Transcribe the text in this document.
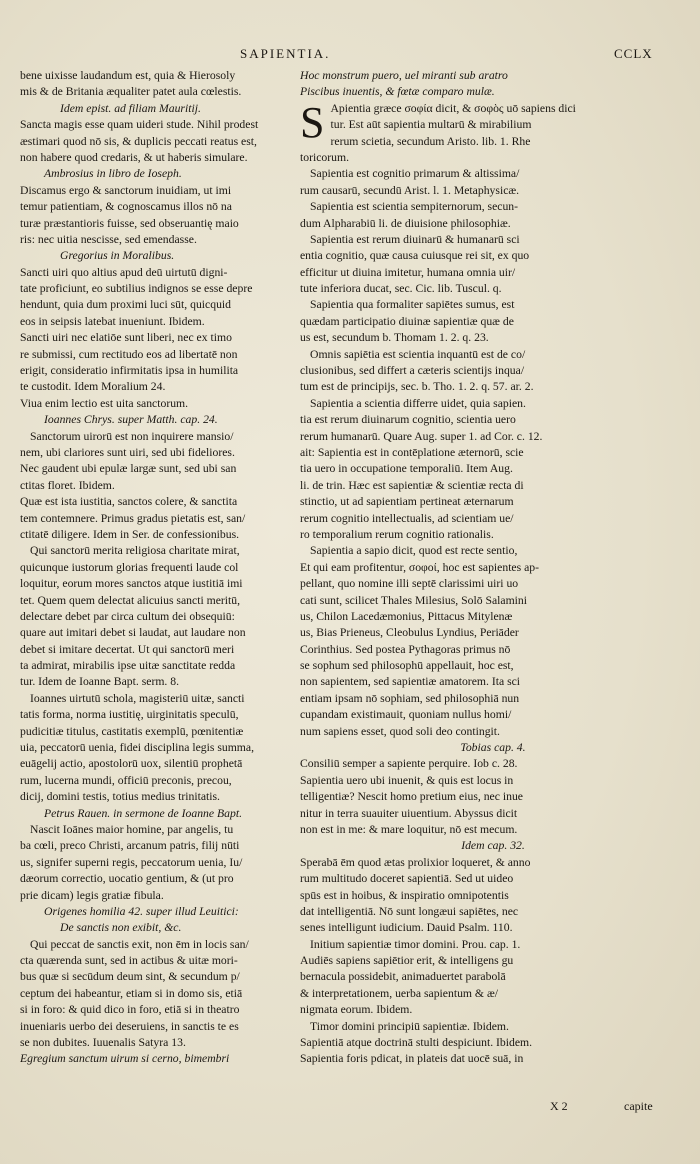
SAPIENTIA.	CCLX
bene uixisse laudandum est, quia & Hierosoly
mis & de Britania æqualiter patet aula cœlestis.
Idem epist. ad filiam Mauritij.
Sancta magis esse quam uideri stude. Nihil prodest
æstimari quod nō sis, & duplicis peccati reatus est,
non habere quod credaris, & ut haberis simulare.
Ambrosius in libro de Ioseph.
Discamus ergo & sanctorum inuidiam, ut imi
temur patientiam, & cognoscamus illos nō na
turæ præstantioris fuisse, sed obseruantię maio
ris: nec uitia nescisse, sed emendasse.
Gregorius in Moralibus.
Sancti uiri quo altius apud deū uirtutū digni-
tate proficiunt, eo subtilius indignos se esse depre
hendunt, quia dum proximi luci sūt, quicquid
eos in seipsis latebat inueniunt. Ibidem.
Sancti uiri nec elatiōe sunt liberi, nec ex timo
re submissi, cum rectitudo eos ad libertatē non
erigit, consideratio infirmitatis ipsa in humilita
te custodit. Idem Moralium 24.
Viua enim lectio est uita sanctorum.
Ioannes Chrys. super Matth. cap. 24.
Sanctorum uirorū est non inquirere mansio/
nem, ubi clariores sunt uiri, sed ubi fideliores.
Nec gaudent ubi epulæ largæ sunt, sed ubi san
ctitas floret. Ibidem.
Quæ est ista iustitia, sanctos colere, & sanctita
tem contemnere. Primus gradus pietatis est, san/
ctitatē diligere. Idem in Ser. de confessionibus.
Qui sanctorū merita religiosa charitate mirat,
quicunque iustorum glorias frequenti laude col
loquitur, eorum mores sanctos atque iustitiā imi
tet. Quem quem delectat alicuius sancti meritū,
delectare debet par circa cultum dei obsequiū:
quare aut imitari debet si laudat, aut laudare non
debet si imitare decertat. Ut qui sanctorū meri
ta admirat, mirabilis ipse uitæ sanctitate redda
tur. Idem de Ioanne Bapt. serm. 8.
Ioannes uirtutū schola, magisteriū uitæ, sancti
tatis forma, norma iustitię, uirginitatis speculū,
pudicitiæ titulus, castitatis exemplū, pœnitentiæ
uia, peccatorū uenia, fidei disciplina legis summa,
euāgelij actio, apostolorū uox, silentiū prophetā
rum, lucerna mundi, officiū preconis, precou,
dicij, domini testis, totius medius trinitatis.
Petrus Rauen. in sermone de Ioanne Bapt.
Nascit Ioānes maior homine, par angelis, tu
ba cœli, preco Christi, arcanum patris, filij nūti
us, signifer superni regis, peccatorum uenia, Iu/
dæorum correctio, uocatio gentium, & (ut pro
prie dicam) legis gratiæ fibula.
Origenes homilia 42. super illud Leuitici:
De sanctis non exibit, &c.
Qui peccat de sanctis exit, non ēm in locis san/
cta quærenda sunt, sed in actibus & uitæ mori-
bus quæ si secūdum deum sint, & secundum p/
ceptum dei habeantur, etiam si in domo sis, etiā
si in foro: & quid dico in foro, etiā si in theatro
inueniaris uerbo dei deseruiens, in sanctis te es
se non dubites. Iuuenalis Satyra 13.
Egregium sanctum uirum si cerno, bimembri
Hoc monstrum puero, uel miranti sub aratro
Piscibus inuentis, & fœtæ comparo mulæ.
S Apientia græce σοφία dicit, & σοφὸς uō sapiens dici
tur. Est aūt sapientia multarū & mirabilium
rerum scietia, secundum Aristo. lib. 1. Rhe
toricorum.
Sapientia est cognitio primarum & altissima/
rum causarū, secundū Arist. l. 1. Metaphysicæ.
Sapientia est scientia sempiternorum, secun-
dum Alpharabiū li. de diuisione philosophiæ.
Sapientia est rerum diuinarū & humanarū sci
entia cognitio, quæ causa cuiusque rei sit, ex quo
efficitur ut diuina imitetur, humana omnia uir/
tute inferiora ducat, sec. Cic. lib. Tuscul. q.
Sapientia qua formaliter sapiētes sumus, est
quædam participatio diuinæ sapientiæ quæ de
us est, secundum b. Thomam 1. 2. q. 23.
Omnis sapiētia est scientia inquantū est de co/
clusionibus, sed differt a cæteris scientijs inqua/
tum est de principijs, sec. b. Tho. 1. 2. q. 57. ar. 2.
Sapientia a scientia differre uidet, quia sapien.
tia est rerum diuinarum cognitio, scientia uero
rerum humanarū. Quare Aug. super 1. ad Cor. c. 12.
ait: Sapientia est in contēplatione æternorū, scie
tia uero in occupatione temporaliū. Item Aug.
li. de trin. Hæc est sapientiæ & scientiæ recta di
stinctio, ut ad sapientiam pertineat æternarum
rerum cognitio intellectualis, ad scientiam ue/
ro temporalium rerum cognitio rationalis.
Sapientia a sapio dicit, quod est recte sentio,
Et qui eam profitentur, σοφοί, hoc est sapientes ap-
pellant, quo nomine illi septē clarissimi uiri uo
cati sunt, scilicet Thales Milesius, Solō Salamini
us, Chilon Lacedæmonius, Pittacus Mitylenæ
us, Bias Prieneus, Cleobulus Lyndius, Periāder
Corinthius. Sed postea Pythagoras primus nō
se sophum sed philosophū appellauit, hoc est,
non sapientem, sed sapientiæ amatorem. Ita sci
entiam ipsam nō sophiam, sed philosophiā nun
cupandam existimauit, quoniam nullus homi/
num sapiens esset, quod soli deo contingit.
Tobias cap. 4.
Consiliū semper a sapiente perquire. Iob c. 28.
Sapientia uero ubi inuenit, & quis est locus in
telligentiæ? Nescit homo pretium eius, nec inue
nitur in terra suauiter uiuentium. Abyssus dicit
non est in me: & mare loquitur, nō est mecum.
Idem cap. 32.
Sperabā ēm quod ætas prolixior loqueret, & anno
rum multitudo doceret sapientiā. Sed ut uideo
spūs est in hoibus, & inspiratio omnipotentis
dat intelligentiā. Nō sunt longæui sapiētes, nec
senes intelligunt iudicium. Dauid Psalm. 110.
Initium sapientiæ timor domini. Prou. cap. 1.
Audiēs sapiens sapiētior erit, & intelligens gu
bernacula possidebit, animaduertet parabolā
& interpretationem, uerba sapientum & æ/
nigmata eorum. Ibidem.
Timor domini principiū sapientiæ. Ibidem.
Sapientiā atque doctrinā stulti despiciunt. Ibidem.
Sapientia foris pdicat, in plateis dat uocē suā, in
X 2	capite
